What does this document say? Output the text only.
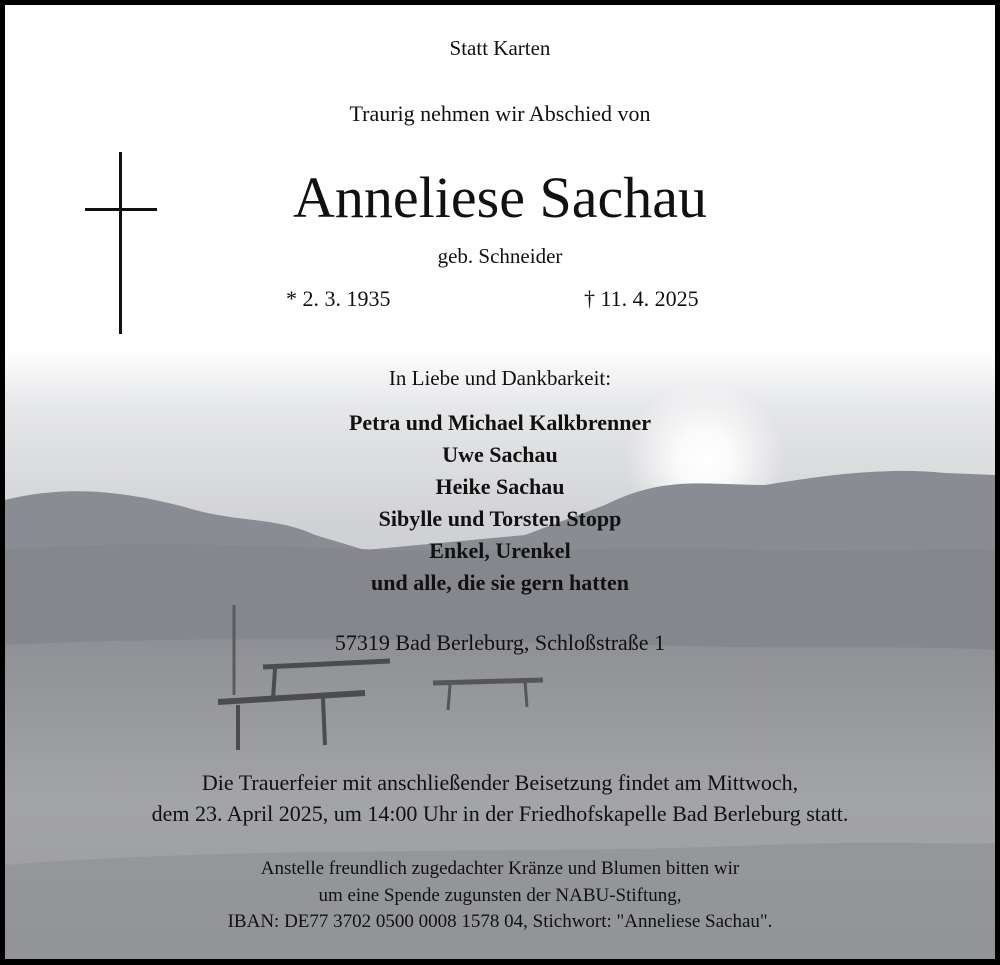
Statt Karten
Traurig nehmen wir Abschied von
Anneliese Sachau
geb. Schneider
* 2. 3. 1935	† 11. 4. 2025
In Liebe und Dankbarkeit:
Petra und Michael Kalkbrenner
Uwe Sachau
Heike Sachau
Sibylle und Torsten Stopp
Enkel, Urenkel
und alle, die sie gern hatten
57319 Bad Berleburg, Schloßstraße 1
Die Trauerfeier mit anschließender Beisetzung findet am Mittwoch,
dem 23. April 2025, um 14:00 Uhr in der Friedhofskapelle Bad Berleburg statt.
Anstelle freundlich zugedachter Kränze und Blumen bitten wir
um eine Spende zugunsten der NABU-Stiftung,
IBAN: DE77 3702 0500 0008 1578 04, Stichwort: "Anneliese Sachau".
